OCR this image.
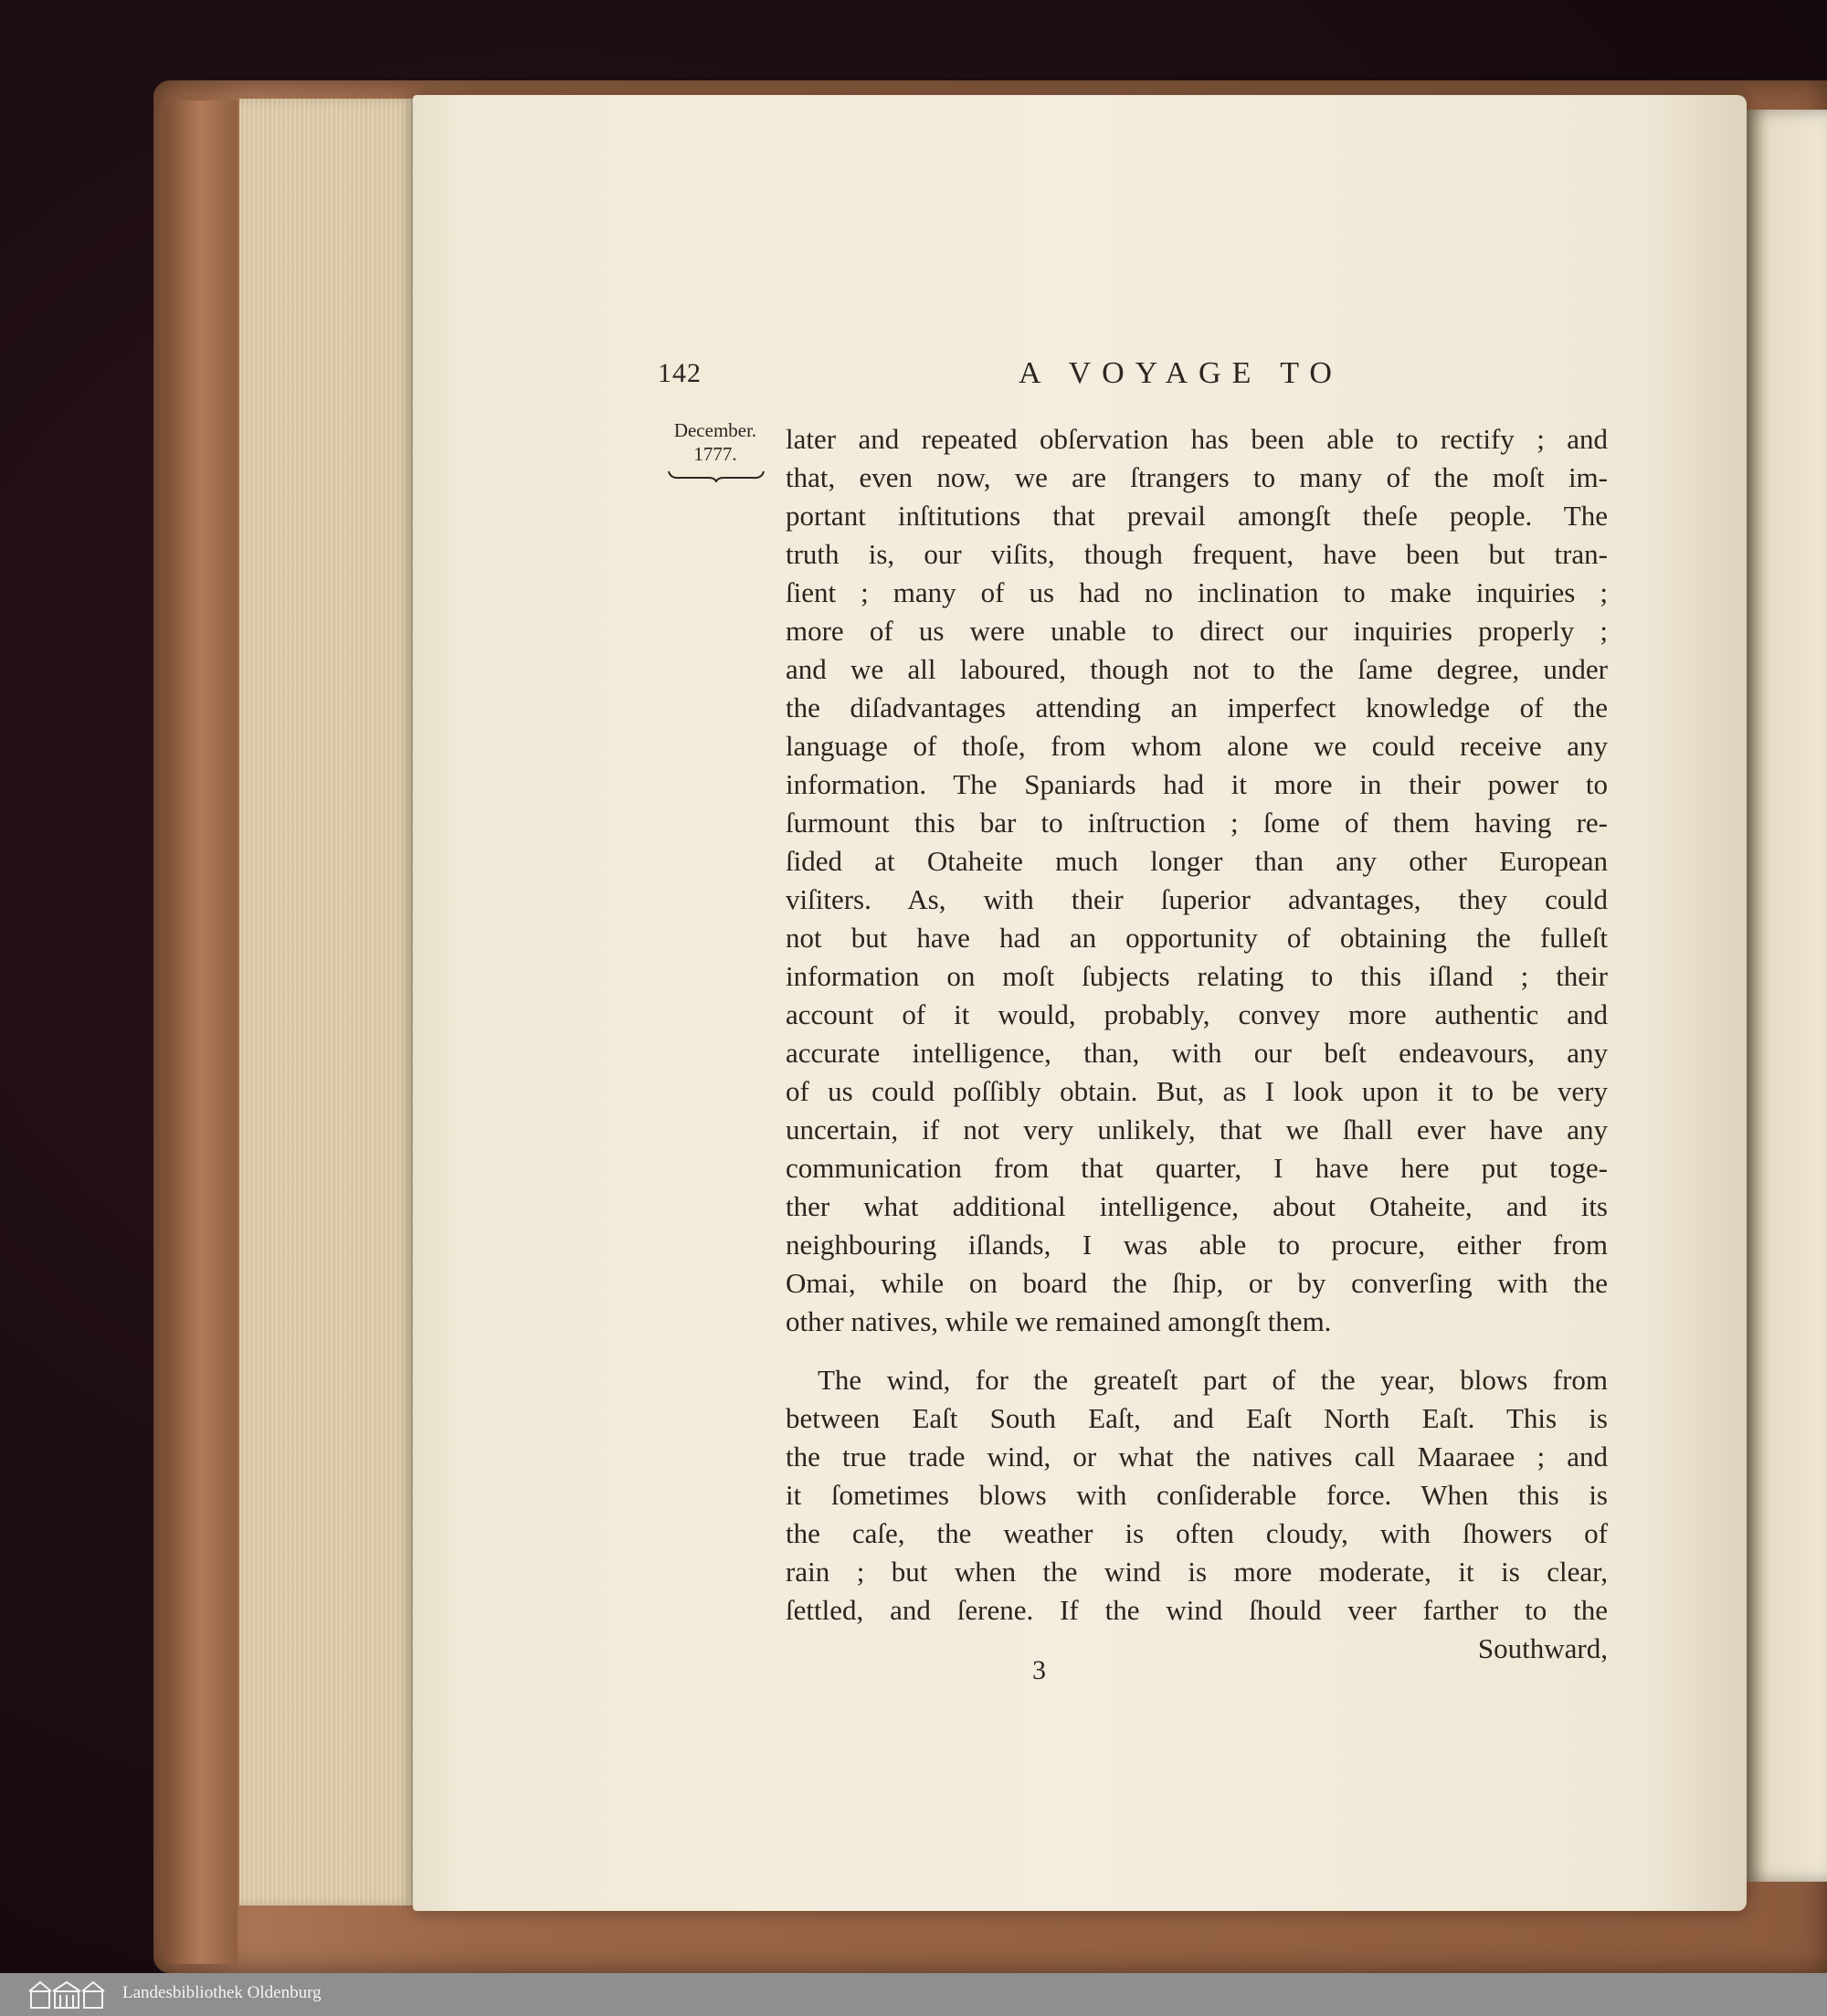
142	A VOYAGE TO
December.
1777.	later and repeated obſervation has been able to rectify ; and
that, even now, we are ſtrangers to many of the moſt im-
portant inſtitutions that prevail amongſt theſe people. The
truth is, our viſits, though frequent, have been but tran-
ſient ; many of us had no inclination to make inquiries ;
more of us were unable to direct our inquiries properly ;
and we all laboured, though not to the ſame degree, under
the diſadvantages attending an imperfect knowledge of the
language of thoſe, from whom alone we could receive any
information. The Spaniards had it more in their power to
ſurmount this bar to inſtruction ; ſome of them having re-
ſided at Otaheite much longer than any other European
viſiters. As, with their ſuperior advantages, they could
not but have had an opportunity of obtaining the fulleſt
information on moſt ſubjects relating to this iſland ; their
account of it would, probably, convey more authentic and
accurate intelligence, than, with our beſt endeavours, any
of us could poſſibly obtain. But, as I look upon it to be very
uncertain, if not very unlikely, that we ſhall ever have any
communication from that quarter, I have here put toge-
ther what additional intelligence, about Otaheite, and its
neighbouring iſlands, I was able to procure, either from
Omai, while on board the ſhip, or by converſing with the
other natives, while we remained amongſt them.
The wind, for the greateſt part of the year, blows from
between Eaſt South Eaſt, and Eaſt North Eaſt. This is
the true trade wind, or what the natives call Maaraee ; and
it ſometimes blows with conſiderable force. When this is
the caſe, the weather is often cloudy, with ſhowers of
rain ; but when the wind is more moderate, it is clear,
ſettled, and ſerene. If the wind ſhould veer farther to the
Southward,
3
Landesbibliothek Oldenburg
